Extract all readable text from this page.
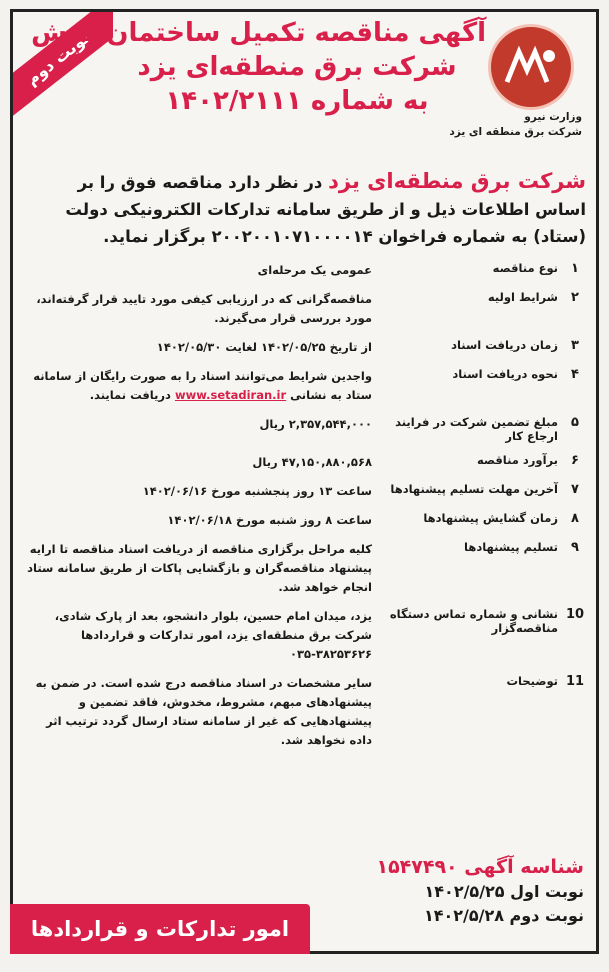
نوبت دوم
آگهی مناقصه تکمیل ساختمان پایش
شرکت برق منطقه‌ای یزد
به شماره ۱۴۰۲/۲۱۱۱
وزارت نیرو
شرکت برق منطقه ای یزد
شرکت برق منطقه‌ای یزد در نظر دارد مناقصه فوق را بر اساس اطلاعات ذیل و از طریق سامانه تدارکات الکترونیکی دولت (ستاد) به شماره فراخوان ۲۰۰۲۰۰۱۰۷۱۰۰۰۰۱۴ برگزار نماید.
۱	نوع مناقصه	عمومی یک مرحله‌ای
۲	شرایط اولیه	مناقصه‌گرانی که در ارزیابی کیفی مورد تایید قرار گرفته‌اند، مورد بررسی قرار می‌گیرند.
۳	زمان دریافت اسناد	از تاریخ ۱۴۰۲/۰۵/۲۵ لغایت ۱۴۰۲/۰۵/۳۰
۴	نحوه دریافت اسناد	واجدین شرایط می‌توانند اسناد را به صورت رایگان از سامانه ستاد به نشانی www.setadiran.ir دریافت نمایند.
۵	مبلغ تضمین شرکت در فرایند ارجاع کار	۲,۳۵۷,۵۴۴,۰۰۰ ریال
۶	برآورد مناقصه	۴۷,۱۵۰,۸۸۰,۵۶۸ ریال
۷	آخرین مهلت تسلیم پیشنهادها	ساعت ۱۳ روز پنجشنبه مورخ ۱۴۰۲/۰۶/۱۶
۸	زمان گشایش پیشنهادها	ساعت ۸ روز شنبه مورخ ۱۴۰۲/۰۶/۱۸
۹	تسلیم پیشنهادها	کلیه مراحل برگزاری مناقصه از دریافت اسناد مناقصه تا ارایه پیشنهاد مناقصه‌گران و بازگشایی پاکات از طریق سامانه ستاد انجام خواهد شد.
10	نشانی و شماره تماس دستگاه مناقصه‌گزار	یزد، میدان امام حسین، بلوار دانشجو، بعد از پارک شادی، شرکت برق منطقه‌ای یزد، امور تدارکات و قراردادها ۳۸۲۵۳۶۲۶-۰۳۵
11	توضیحات	سایر مشخصات در اسناد مناقصه درج شده است. در ضمن به پیشنهادهای مبهم، مشروط، مخدوش، فاقد تضمین و پیشنهادهایی که غیر از سامانه ستاد ارسال گردد ترتیب اثر داده نخواهد شد.
شناسه آگهی ۱۵۴۷۴۹۰
نوبت اول ۱۴۰۲/۵/۲۵
نوبت دوم ۱۴۰۲/۵/۲۸
امور تدارکات و قراردادها
